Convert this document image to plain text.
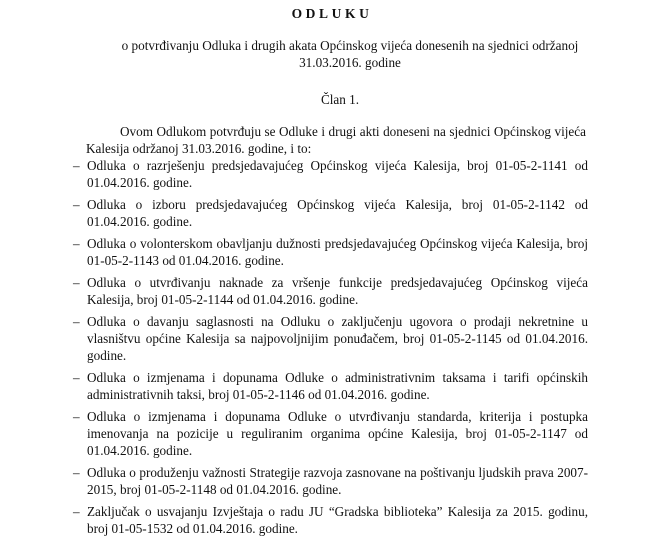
ODLUKU
o potvrđivanju Odluka i drugih akata Općinskog vijeća donesenih na sjednici održanoj 31.03.2016. godine
Član 1.
Ovom Odlukom potvrđuju se Odluke i drugi akti doneseni na sjednici Općinskog vijeća Kalesija održanoj 31.03.2016. godine, i to:
– Odluka o razrješenju predsjedavajućeg Općinskog vijeća Kalesija, broj 01-05-2-1141 od 01.04.2016. godine.
– Odluka o izboru predsjedavajućeg Općinskog vijeća Kalesija, broj 01-05-2-1142 od 01.04.2016. godine.
– Odluka o volonterskom obavljanju dužnosti predsjedavajućeg Općinskog vijeća Kalesija, broj 01-05-2-1143 od 01.04.2016. godine.
– Odluka o utvrđivanju naknade za vršenje funkcije predsjedavajućeg Općinskog vijeća Kalesija, broj 01-05-2-1144 od 01.04.2016. godine.
– Odluka o davanju saglasnosti na Odluku o zaključenju ugovora o prodaji nekretnine u vlasništvu općine Kalesija sa najpovoljnijim ponuđačem, broj 01-05-2-1145 od 01.04.2016. godine.
– Odluka o izmjenama i dopunama Odluke o administrativnim taksama i tarifi općinskih administrativnih taksi, broj 01-05-2-1146 od 01.04.2016. godine.
– Odluka o izmjenama i dopunama Odluke o utvrđivanju standarda, kriterija i postupka imenovanja na pozicije u reguliranim organima općine Kalesija, broj 01-05-2-1147 od 01.04.2016. godine.
– Odluka o produženju važnosti Strategije razvoja zasnovane na poštivanju ljudskih prava 2007-2015, broj 01-05-2-1148 od 01.04.2016. godine.
– Zaključak o usvajanju Izvještaja o radu JU “Gradska biblioteka” Kalesija za 2015. godinu, broj 01-05-1532 od 01.04.2016. godine.
